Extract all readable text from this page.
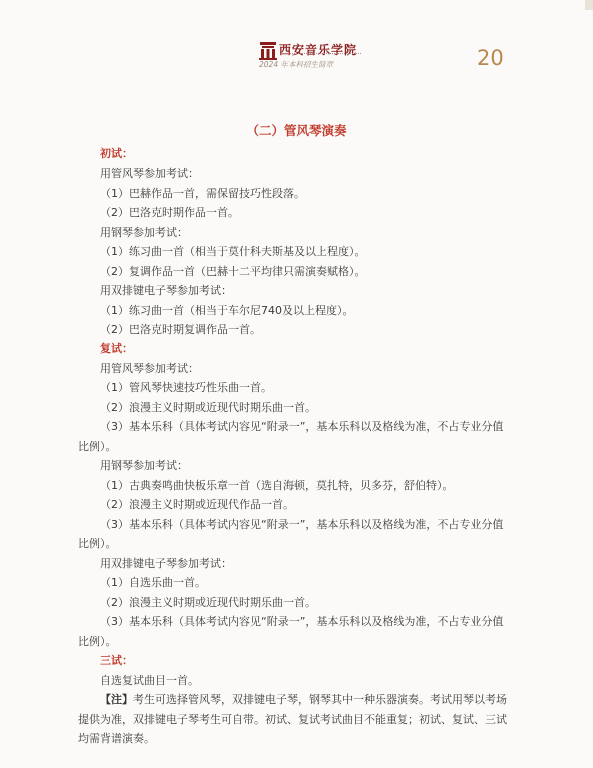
西安音乐学院
2024 年本科招生简章	20
（二）管风琴演奏
初试：
用管风琴参加考试：
（1）巴赫作品一首，需保留技巧性段落。
（2）巴洛克时期作品一首。
用钢琴参加考试：
（1）练习曲一首（相当于莫什科夫斯基及以上程度）。
（2）复调作品一首（巴赫十二平均律只需演奏赋格）。
用双排键电子琴参加考试：
（1）练习曲一首（相当于车尔尼740及以上程度）。
（2）巴洛克时期复调作品一首。
复试：
用管风琴参加考试：
（1）管风琴快速技巧性乐曲一首。
（2）浪漫主义时期或近现代时期乐曲一首。
（3）基本乐科（具体考试内容见“附录一”，基本乐科以及格线为准，不占专业分值
比例）。
用钢琴参加考试：
（1）古典奏鸣曲快板乐章一首（选自海顿，莫扎特，贝多芬，舒伯特）。
（2）浪漫主义时期或近现代作品一首。
（3）基本乐科（具体考试内容见“附录一”，基本乐科以及格线为准，不占专业分值
比例）。
用双排键电子琴参加考试：
（1）自选乐曲一首。
（2）浪漫主义时期或近现代时期乐曲一首。
（3）基本乐科（具体考试内容见“附录一”，基本乐科以及格线为准，不占专业分值
比例）。
三试：
自选复试曲目一首。
【注】考生可选择管风琴，双排键电子琴，钢琴其中一种乐器演奏。考试用琴以考场
提供为准，双排键电子琴考生可自带。初试、复试考试曲目不能重复；初试、复试、三试
均需背谱演奏。
